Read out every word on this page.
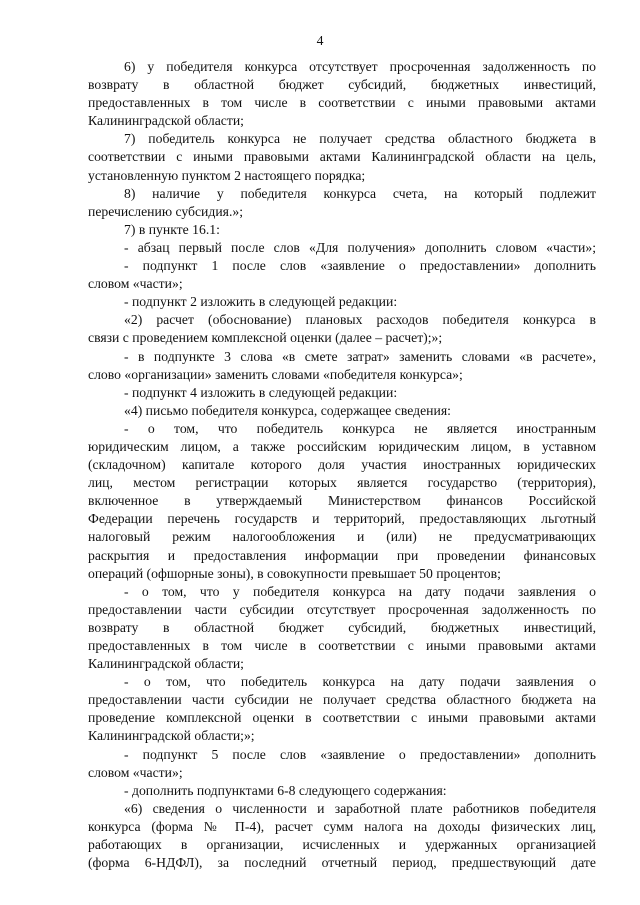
4
6) у победителя конкурса отсутствует просроченная задолженность по
возврату в областной бюджет субсидий, бюджетных инвестиций,
предоставленных в том числе в соответствии с иными правовыми актами
Калининградской области;
7) победитель конкурса не получает средства областного бюджета в
соответствии с иными правовыми актами Калининградской области на цель,
установленную пунктом 2 настоящего порядка;
8) наличие у победителя конкурса счета, на который подлежит
перечислению субсидия.»;
7) в пункте 16.1:
- абзац первый после слов «Для получения» дополнить словом «части»;
- подпункт 1 после слов «заявление о предоставлении» дополнить
словом «части»;
- подпункт 2 изложить в следующей редакции:
«2) расчет (обоснование) плановых расходов победителя конкурса в
связи с проведением комплексной оценки (далее – расчет);»;
- в подпункте 3 слова «в смете затрат» заменить словами «в расчете»,
слово «организации» заменить словами «победителя конкурса»;
- подпункт 4 изложить в следующей редакции:
«4) письмо победителя конкурса, содержащее сведения:
- о том, что победитель конкурса не является иностранным
юридическим лицом, а также российским юридическим лицом, в уставном
(складочном) капитале которого доля участия иностранных юридических
лиц, местом регистрации которых является государство (территория),
включенное в утверждаемый Министерством финансов Российской
Федерации перечень государств и территорий, предоставляющих льготный
налоговый режим налогообложения и (или) не предусматривающих
раскрытия и предоставления информации при проведении финансовых
операций (офшорные зоны), в совокупности превышает 50 процентов;
- о том, что у победителя конкурса на дату подачи заявления о
предоставлении части субсидии отсутствует просроченная задолженность по
возврату в областной бюджет субсидий, бюджетных инвестиций,
предоставленных в том числе в соответствии с иными правовыми актами
Калининградской области;
- о том, что победитель конкурса на дату подачи заявления о
предоставлении части субсидии не получает средства областного бюджета на
проведение комплексной оценки в соответствии с иными правовыми актами
Калининградской области;»;
- подпункт 5 после слов «заявление о предоставлении» дополнить
словом «части»;
- дополнить подпунктами 6-8 следующего содержания:
«6) сведения о численности и заработной плате работников победителя
конкурса (форма № П-4), расчет сумм налога на доходы физических лиц,
работающих в организации, исчисленных и удержанных организацией
(форма 6-НДФЛ), за последний отчетный период, предшествующий дате
